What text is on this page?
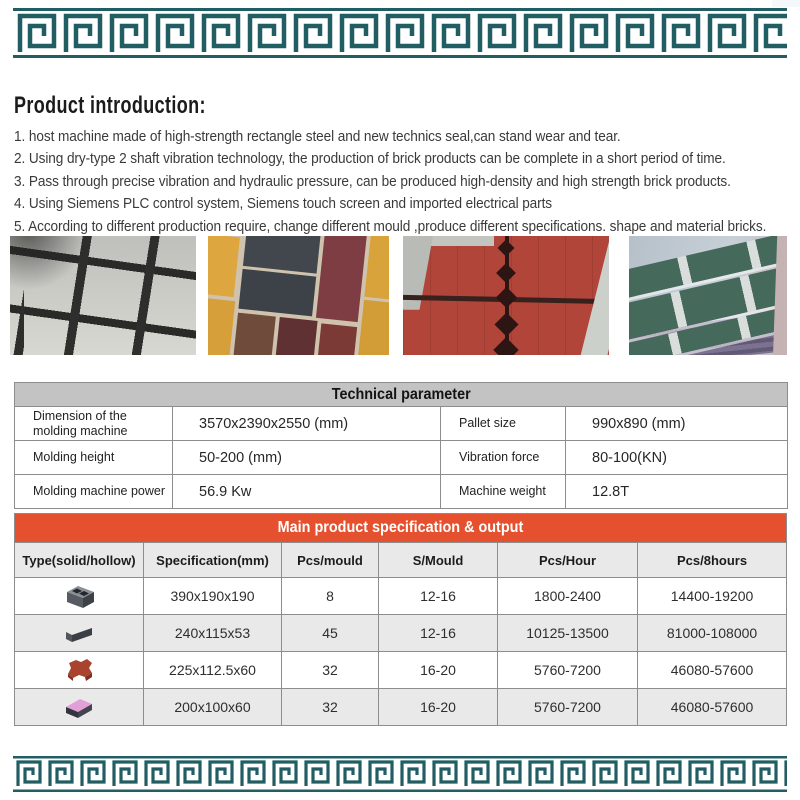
Product introduction:
1. host machine made of high-strength rectangle steel and new technics seal,can stand wear and tear.
2. Using dry-type 2 shaft vibration technology, the production of brick products can be complete in a short period of time.
3. Pass through precise vibration and hydraulic pressure, can be produced high-density and high strength brick products.
4. Using Siemens PLC control system, Siemens touch screen and imported electrical parts
5. According to different production require, change different mould ,produce different specifications. shape and material bricks.
Technical parameter			
Dimension of the molding machine	3570x2390x2550 (mm)	Pallet size	990x890 (mm)
Molding height	50-200 (mm)	Vibration force	80-100(KN)
Molding machine power	56.9 Kw	Machine weight	12.8T
Main product specification & output					
Type(solid/hollow)	Specification(mm)	Pcs/mould	S/Mould	Pcs/Hour	Pcs/8hours
	390x190x190	8	12-16	1800-2400	14400-19200
	240x115x53	45	12-16	10125-13500	81000-108000
	225x112.5x60	32	16-20	5760-7200	46080-57600
	200x100x60	32	16-20	5760-7200	46080-57600
